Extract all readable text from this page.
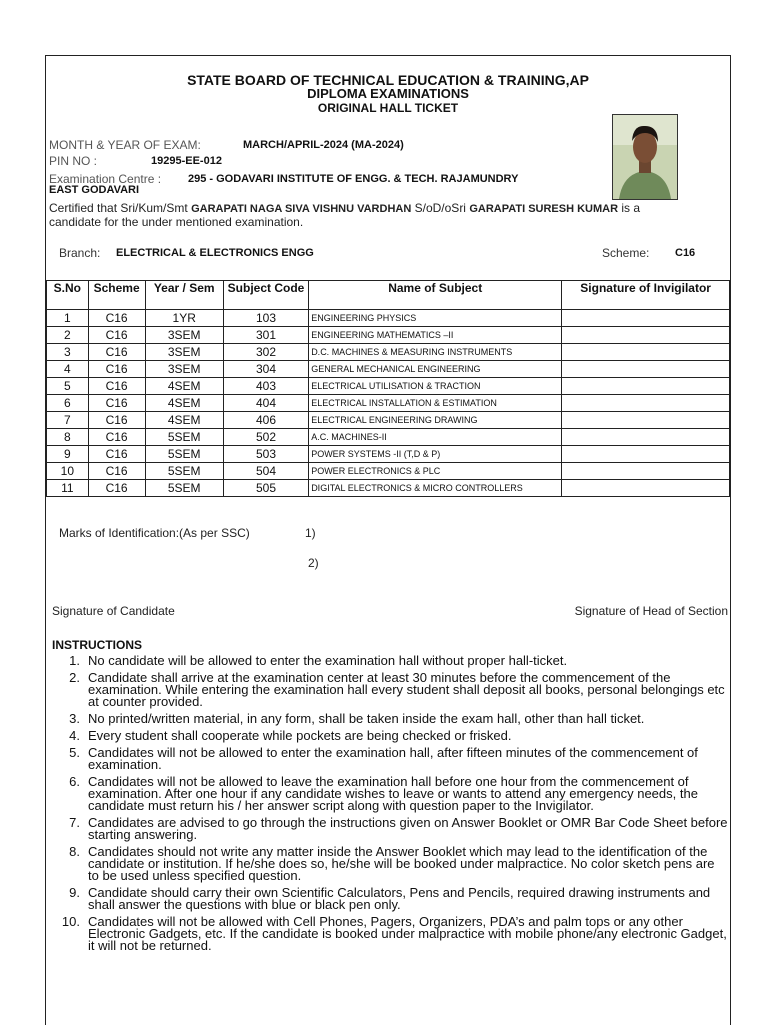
STATE BOARD OF TECHNICAL EDUCATION & TRAINING,AP
DIPLOMA EXAMINATIONS
ORIGINAL HALL TICKET
MONTH & YEAR OF EXAM:	MARCH/APRIL-2024 (MA-2024)
PIN NO :	19295-EE-012
Examination Centre : 295 - GODAVARI INSTITUTE OF ENGG. & TECH. RAJAMUNDRY
EAST GODAVARI
Certified that Sri/Kum/Smt GARAPATI NAGA SIVA VISHNU VARDHAN S/oD/oSri GARAPATI SURESH KUMAR is a candidate for the under mentioned examination.
Branch: ELECTRICAL & ELECTRONICS ENGG	Scheme: C16
S.No	Scheme	Year / Sem	Subject Code	Name of Subject	Signature of Invigilator
1	C16	1YR	103	ENGINEERING PHYSICS	
2	C16	3SEM	301	ENGINEERING MATHEMATICS –II	
3	C16	3SEM	302	D.C. MACHINES & MEASURING INSTRUMENTS	
4	C16	3SEM	304	GENERAL MECHANICAL ENGINEERING	
5	C16	4SEM	403	ELECTRICAL UTILISATION & TRACTION	
6	C16	4SEM	404	ELECTRICAL INSTALLATION & ESTIMATION	
7	C16	4SEM	406	ELECTRICAL ENGINEERING DRAWING	
8	C16	5SEM	502	A.C. MACHINES-II	
9	C16	5SEM	503	POWER SYSTEMS -II (T,D & P)	
10	C16	5SEM	504	POWER ELECTRONICS & PLC	
11	C16	5SEM	505	DIGITAL ELECTRONICS & MICRO CONTROLLERS	
Marks of Identification:(As per SSC)	1)
2)
Signature of Candidate	Signature of Head of Section
INSTRUCTIONS
1. No candidate will be allowed to enter the examination hall without proper hall-ticket.
2. Candidate shall arrive at the examination center at least 30 minutes before the commencement of the examination. While entering the examination hall every student shall deposit all books, personal belongings etc at counter provided.
3. No printed/written material, in any form, shall be taken inside the exam hall, other than hall ticket.
4. Every student shall cooperate while pockets are being checked or frisked.
5. Candidates will not be allowed to enter the examination hall, after fifteen minutes of the commencement of examination.
6. Candidates will not be allowed to leave the examination hall before one hour from the commencement of examination. After one hour if any candidate wishes to leave or wants to attend any emergency needs, the candidate must return his / her answer script along with question paper to the Invigilator.
7. Candidates are advised to go through the instructions given on Answer Booklet or OMR Bar Code Sheet before starting answering.
8. Candidates should not write any matter inside the Answer Booklet which may lead to the identification of the candidate or institution. If he/she does so, he/she will be booked under malpractice. No color sketch pens are to be used unless specified question.
9. Candidate should carry their own Scientific Calculators, Pens and Pencils, required drawing instruments and shall answer the questions with blue or black pen only.
10. Candidates will not be allowed with Cell Phones, Pagers, Organizers, PDA’s and palm tops or any other Electronic Gadgets, etc. If the candidate is booked under malpractice with mobile phone/any electronic Gadget, it will not be returned.
